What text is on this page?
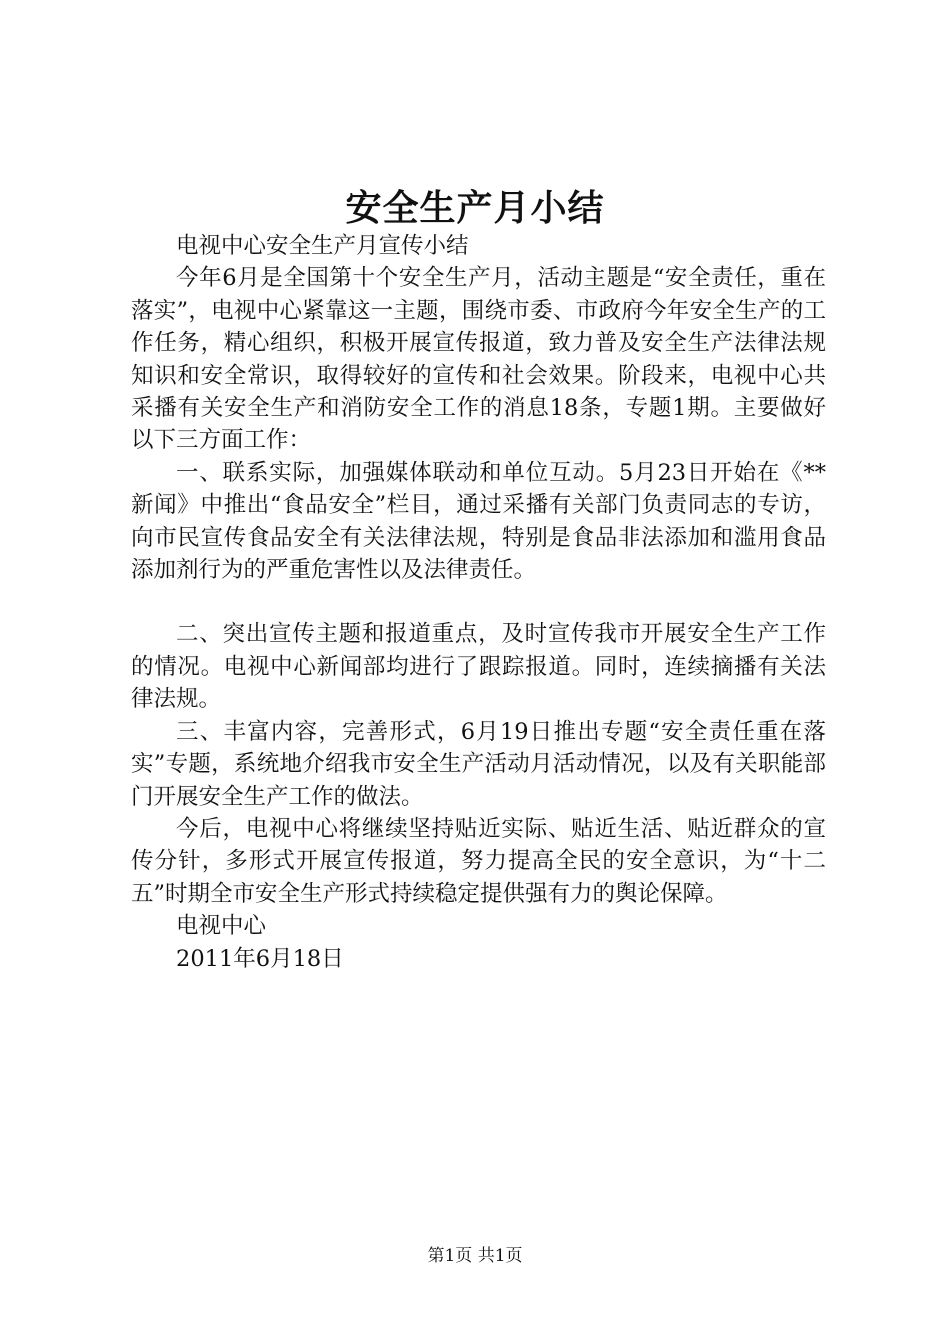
安全生产月小结

电视中心安全生产月宣传小结

今年6月是全国第十个安全生产月，活动主题是“安全责任，重在落实”，电视中心紧靠这一主题，围绕市委、市政府今年安全生产的工作任务，精心组织，积极开展宣传报道，致力普及安全生产法律法规知识和安全常识，取得较好的宣传和社会效果。阶段来，电视中心共采播有关安全生产和消防安全工作的消息18条，专题1期。主要做好以下三方面工作：

一、联系实际，加强媒体联动和单位互动。5月23日开始在《**新闻》中推出“食品安全”栏目，通过采播有关部门负责同志的专访，向市民宣传食品安全有关法律法规，特别是食品非法添加和滥用食品添加剂行为的严重危害性以及法律责任。

二、突出宣传主题和报道重点，及时宣传我市开展安全生产工作的情况。电视中心新闻部均进行了跟踪报道。同时，连续摘播有关法律法规。

三、丰富内容，完善形式，6月19日推出专题“安全责任重在落实”专题，系统地介绍我市安全生产活动月活动情况，以及有关职能部门开展安全生产工作的做法。

今后，电视中心将继续坚持贴近实际、贴近生活、贴近群众的宣传分针，多形式开展宣传报道，努力提高全民的安全意识，为“十二五”时期全市安全生产形式持续稳定提供强有力的舆论保障。

电视中心

2011年6月18日

第1页 共1页
